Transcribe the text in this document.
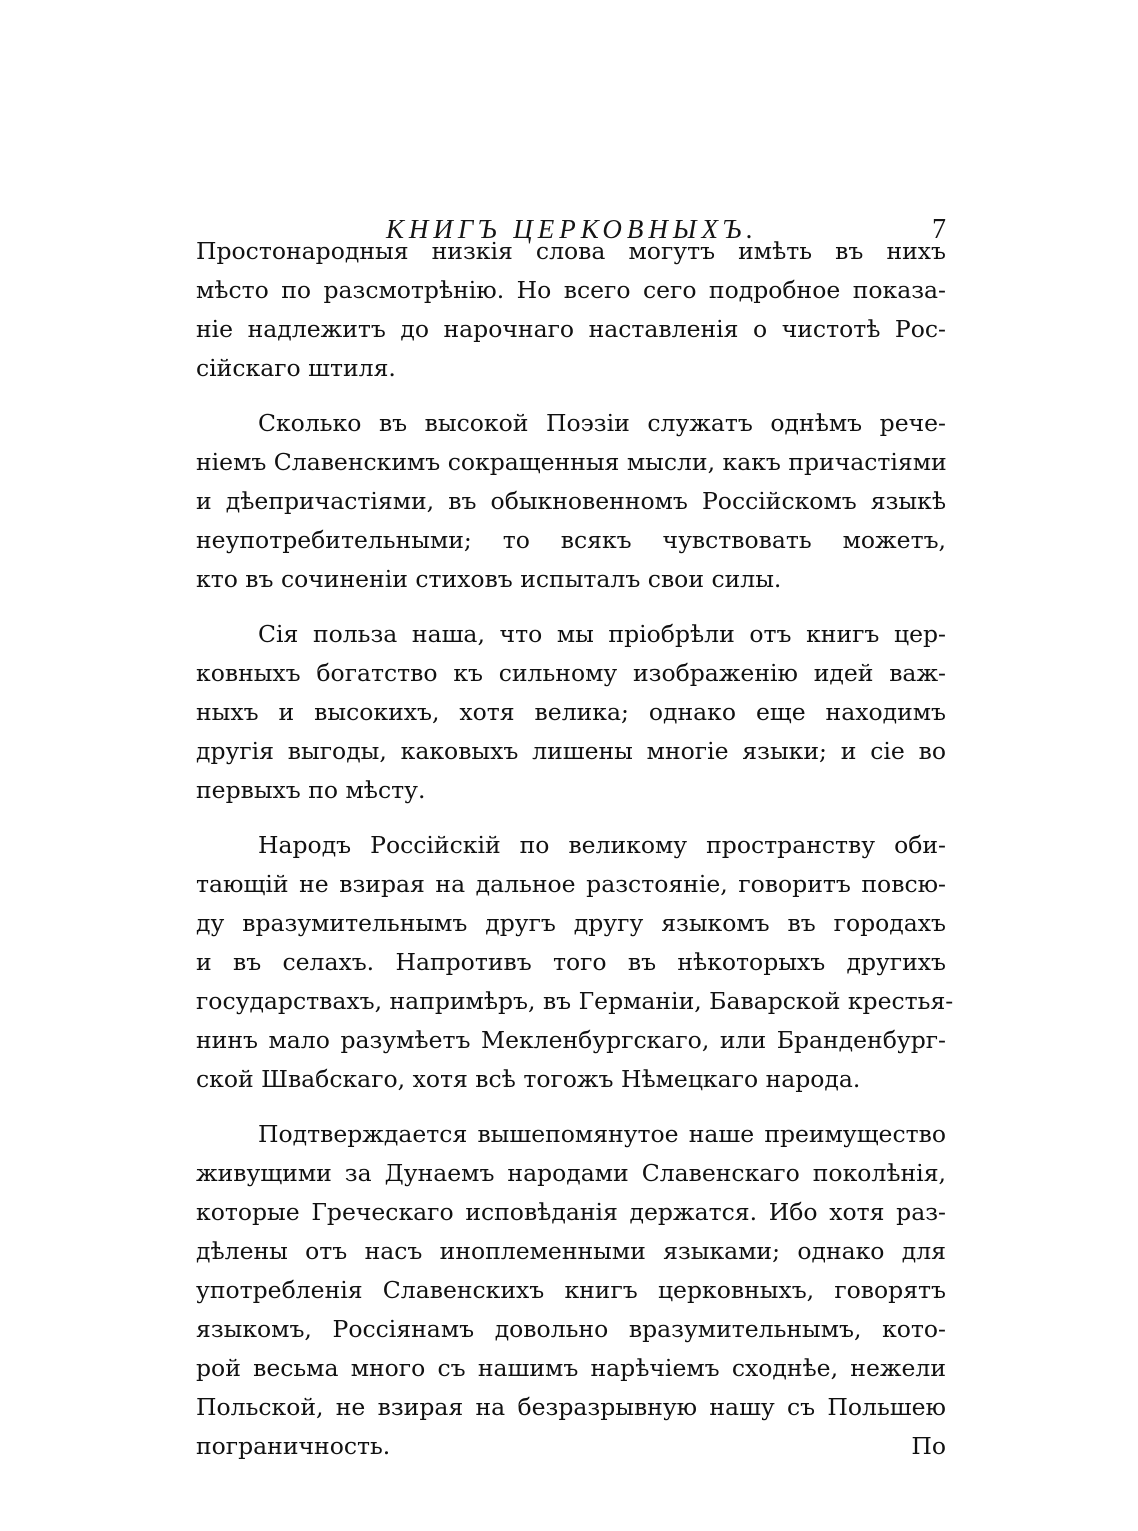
КНИГЪ ЦЕРКОВНЫХЪ.	7
Простонародныя низкія слова могутъ имѣть въ нихъ
мѣсто по разсмотрѣнію. Но всего сего подробное показа-
ніе надлежитъ до нарочнаго наставленія о чистотѣ Рос-
сійскаго штиля.
Сколько въ высокой Поэзіи служатъ однѣмъ рече-
ніемъ Славенскимъ сокращенныя мысли, какъ причастіями
и дѣепричастіями, въ обыкновенномъ Россійскомъ языкѣ
неупотребительными; то всякъ чувствовать можетъ,
кто въ сочиненіи стиховъ испыталъ свои силы.
Сія польза наша, что мы пріобрѣли отъ книгъ цер-
ковныхъ богатство къ сильному изображенію идей важ-
ныхъ и высокихъ, хотя велика; однако еще находимъ
другія выгоды, каковыхъ лишены многіе языки; и сіе во
первыхъ по мѣсту.
Народъ Россійскій по великому пространству оби-
тающій не взирая на дальное разстояніе, говоритъ повсю-
ду вразумительнымъ другъ другу языкомъ въ городахъ
и въ селахъ. Напротивъ того въ нѣкоторыхъ другихъ
государствахъ, напримѣръ, въ Германіи, Баварской крестья-
нинъ мало разумѣетъ Мекленбургскаго, или Бранденбург-
ской Швабскаго, хотя всѣ тогожъ Нѣмецкаго народа.
Подтверждается вышепомянутое наше преимущество
живущими за Дунаемъ народами Славенскаго поколѣнія,
которые Греческаго исповѣданія держатся. Ибо хотя раз-
дѣлены отъ насъ иноплеменными языками; однако для
употребленія Славенскихъ книгъ церковныхъ, говорятъ
языкомъ, Россіянамъ довольно вразумительнымъ, кото-
рой весьма много съ нашимъ нарѣчіемъ сходнѣе, нежели
Польской, не взирая на безразрывную нашу съ Польшею
пограничность.	По
